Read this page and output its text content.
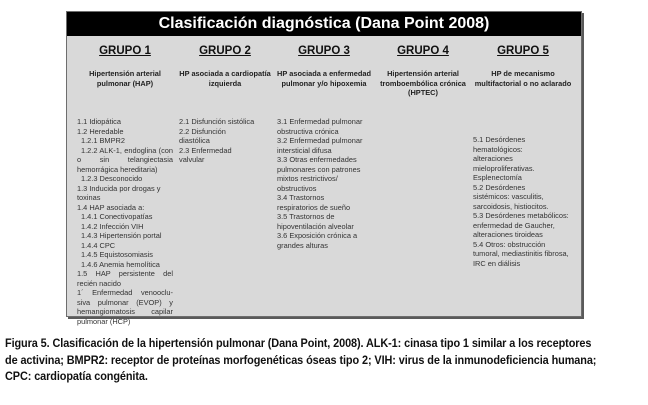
Clasificación diagnóstica (Dana Point 2008)
GRUPO 1
Hipertensión arterial pulmonar (HAP)
1.1 Idiopática
1.2 Heredable
1.2.1 BMPR2
1.2.2 ALK-1, endoglina (con o sin telangiectasia hemorrágica hereditaria)
1.2.3 Desconocido
1.3 Inducida por drogas y toxinas
1.4 HAP asociada a:
1.4.1 Conectivopatías
1.4.2 Infección VIH
1.4.3 Hipertensión portal
1.4.4 CPC
1.4.5 Equistosomiasis
1.4.6 Anemia hemolítica
1.5 HAP persistente del recién nacido
1´ Enfermedad venooclu-siva pulmonar (EVOP) y hemangiomatosis capilar pulmonar (HCP)
GRUPO 2
HP asociada a cardiopatía izquierda
2.1 Disfunción sistólica
2.2 Disfunción diastólica
2.3 Enfermedad valvular
GRUPO 3
HP asociada a enfermedad pulmonar y/o hipoxemia
3.1 Enfermedad pulmonar obstructiva crónica
3.2 Enfermedad pulmonar intersticial difusa
3.3 Otras enfermedades pulmonares con patrones mixtos restrictivos/ obstructivos
3.4 Trastornos respiratorios de sueño
3.5 Trastornos de hipoventilación alveolar
3.6 Exposición crónica a grandes alturas
GRUPO 4
Hipertensión arterial tromboembólica crónica (HPTEC)
GRUPO 5
HP de mecanismo multifactorial o no aclarado
5.1 Desórdenes hematológicos: alteraciones mieloproliferativas. Esplenectomía
5.2 Desórdenes sistémicos: vasculitis, sarcoidosis, histiocitos.
5.3 Desórdenes metabólicos: enfermedad de Gaucher, alteraciones tiroideas
5.4 Otros: obstrucción tumoral, mediastinitis fibrosa, IRC en diálisis
Figura 5. Clasificación de la hipertensión pulmonar (Dana Point, 2008). ALK-1: cinasa tipo 1 similar a los receptores de activina; BMPR2: receptor de proteínas morfogenéticas óseas tipo 2; VIH: virus de la inmunodeficiencia humana; CPC: cardiopatía congénita.
